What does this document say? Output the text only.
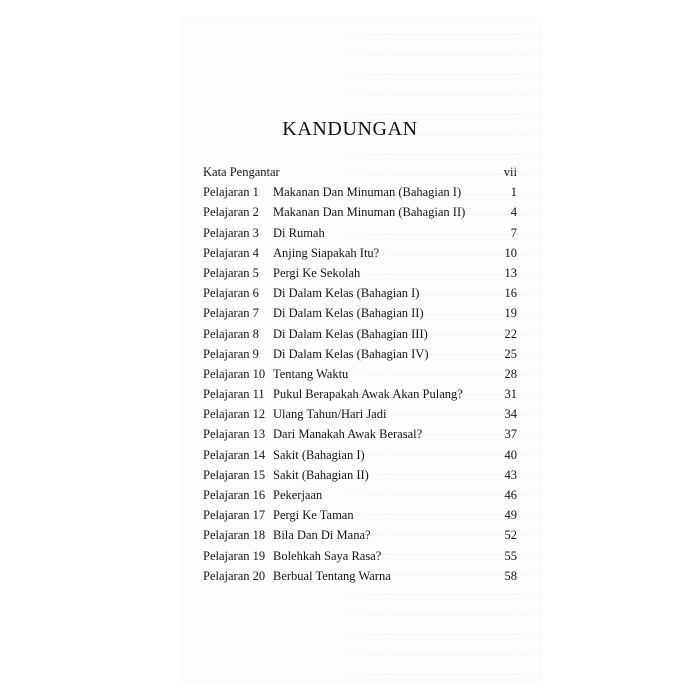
KANDUNGAN
Kata Pengantar	vii
Pelajaran 1 Makanan Dan Minuman (Bahagian I)	1
Pelajaran 2 Makanan Dan Minuman (Bahagian II)	4
Pelajaran 3 Di Rumah	7
Pelajaran 4 Anjing Siapakah Itu?	10
Pelajaran 5 Pergi Ke Sekolah	13
Pelajaran 6 Di Dalam Kelas (Bahagian I)	16
Pelajaran 7 Di Dalam Kelas (Bahagian II)	19
Pelajaran 8 Di Dalam Kelas (Bahagian III)	22
Pelajaran 9 Di Dalam Kelas (Bahagian IV)	25
Pelajaran 10 Tentang Waktu	28
Pelajaran 11 Pukul Berapakah Awak Akan Pulang?	31
Pelajaran 12 Ulang Tahun/Hari Jadi	34
Pelajaran 13 Dari Manakah Awak Berasal?	37
Pelajaran 14 Sakit (Bahagian I)	40
Pelajaran 15 Sakit (Bahagian II)	43
Pelajaran 16 Pekerjaan	46
Pelajaran 17 Pergi Ke Taman	49
Pelajaran 18 Bila Dan Di Mana?	52
Pelajaran 19 Bolehkah Saya Rasa?	55
Pelajaran 20 Berbual Tentang Warna	58
